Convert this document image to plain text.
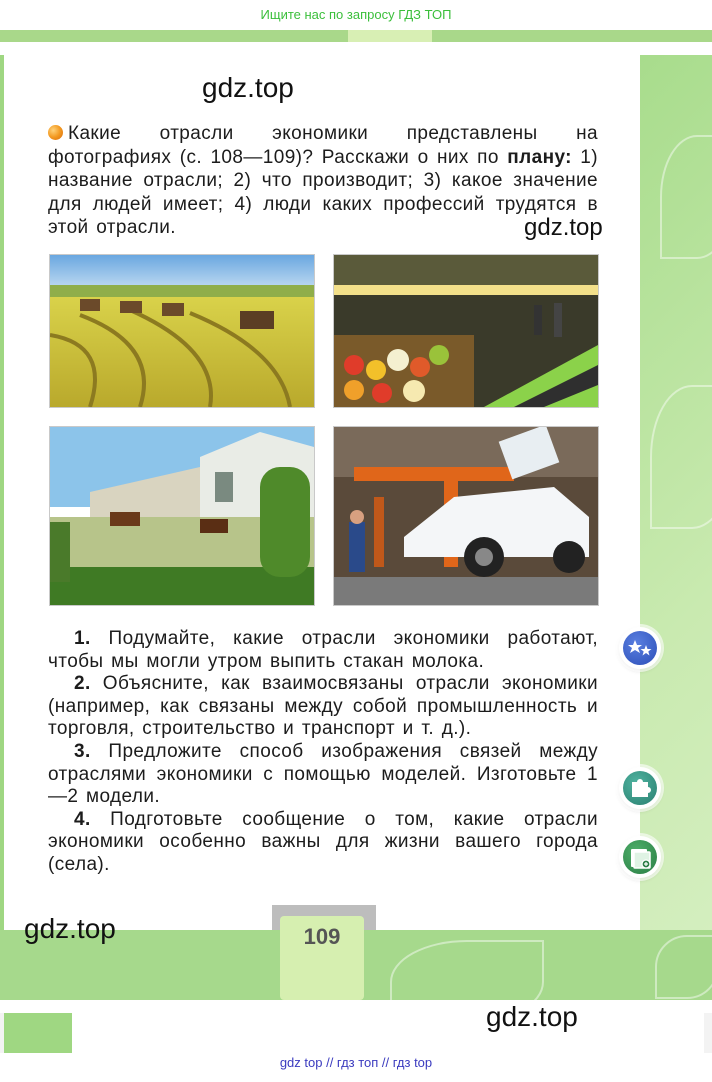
Ищите нас по запросу ГДЗ ТОП
gdz.top
gdz.top
Какие отрасли экономики представлены на фотографиях (с. 108—109)? Расскажи о них по плану: 1) название отрасли; 2) что производит; 3) какое значение для людей имеет; 4) люди каких профессий трудятся в этой отрасли.

1. Подумайте, какие отрасли экономики работают, чтобы мы могли утром выпить стакан молока.

2. Объясните, как взаимосвязаны отрасли экономики (например, как связаны между собой промышленность и торговля, строительство и транспорт и т. д.).

3. Предложите способ изображения связей между отраслями экономики с помощью моделей. Изготовьте 1—2 модели.

4. Подготовьте сообщение о том, какие отрасли экономики особенно важны для жизни вашего города (села).

109
gdz.top
gdz.top
gdz top // гдз топ // гдз top
